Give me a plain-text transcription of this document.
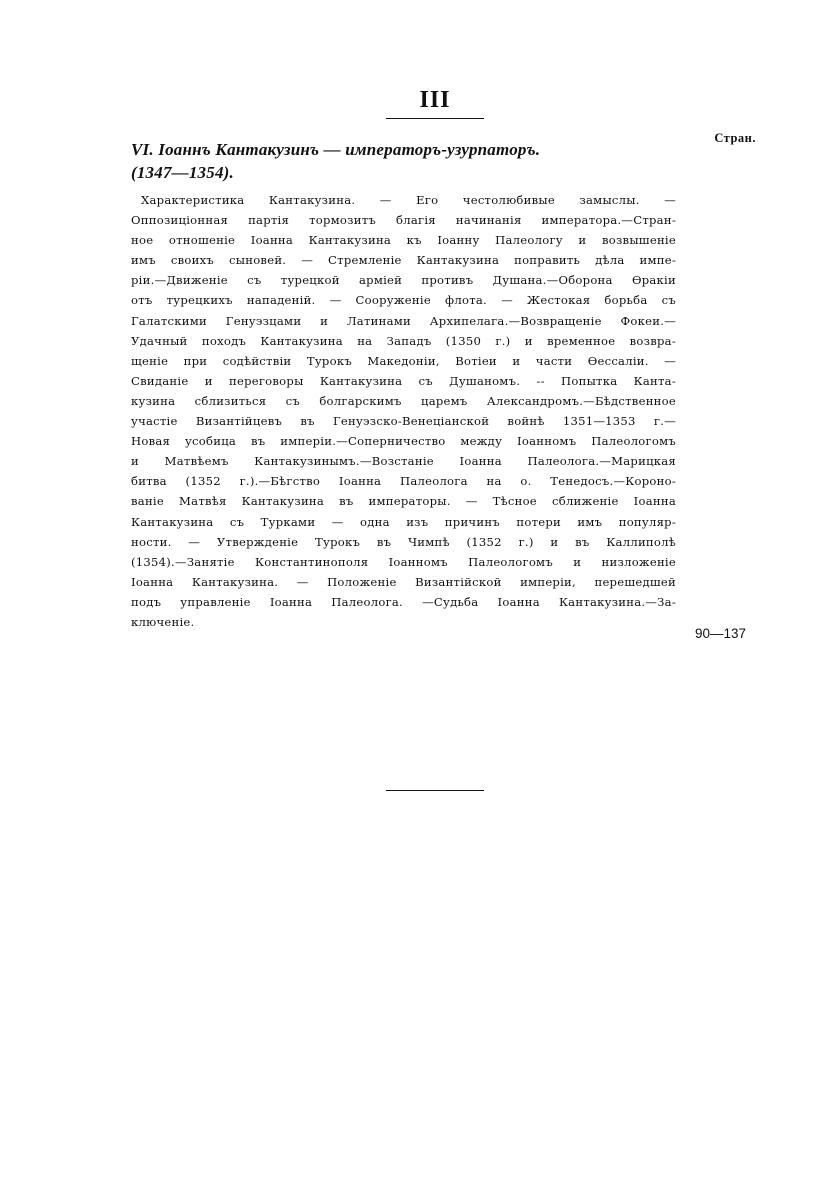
III
Стран.
VI. Іоаннъ Кантакузинъ — императоръ-узурпаторъ.
(1347—1354).
Характеристика Кантакузина. — Его честолюбивые замыслы. —
Оппозиціонная партія тормозитъ благія начинанія императора.—Стран-
ное отношеніе Іоанна Кантакузина къ Іоанну Палеологу и возвышеніе
имъ своихъ сыновей. — Стремленіе Кантакузина поправить дѣла импе-
ріи.—Движеніе съ турецкой арміей противъ Душана.—Оборона Ѳракіи
отъ турецкихъ нападеній. — Сооруженіе флота. — Жестокая борьба съ
Галатскими Генуэзцами и Латинами Архипелага.—Возвращеніе Фокеи.—
Удачный походъ Кантакузина на Западъ (1350 г.) и временное возвра-
щеніе при содѣйствіи Турокъ Македоніи, Вотіеи и части Ѳессаліи. —
Свиданіе и переговоры Кантакузина съ Душаномъ. -- Попытка Канта-
кузина сблизиться съ болгарскимъ царемъ Александромъ.—Бѣдственное
участіе Византійцевъ въ Генуэзско-Венеціанской войнѣ 1351—1353 г.—
Новая усобица въ имперіи.—Соперничество между Іоанномъ Палеологомъ
и Матвѣемъ Кантакузинымъ.—Возстаніе Іоанна Палеолога.—Марицкая
битва (1352 г.).—Бѣгство Іоанна Палеолога на о. Тенедосъ.—Короно-
ваніе Матвѣя Кантакузина въ императоры. — Тѣсное сближеніе Іоанна
Кантакузина съ Турками — одна изъ причинъ потери имъ популяр-
ности. — Утвержденіе Турокъ въ Чимпѣ (1352 г.) и въ Каллиполѣ
(1354).—Занятіе Константинополя Іоанномъ Палеологомъ и низложеніе
Іоанна Кантакузина. — Положеніе Византійской имперіи, перешедшей
подъ управленіе Іоанна Палеолога. —Судьба Іоанна Кантакузина.—За-
ключеніе.
90—137
